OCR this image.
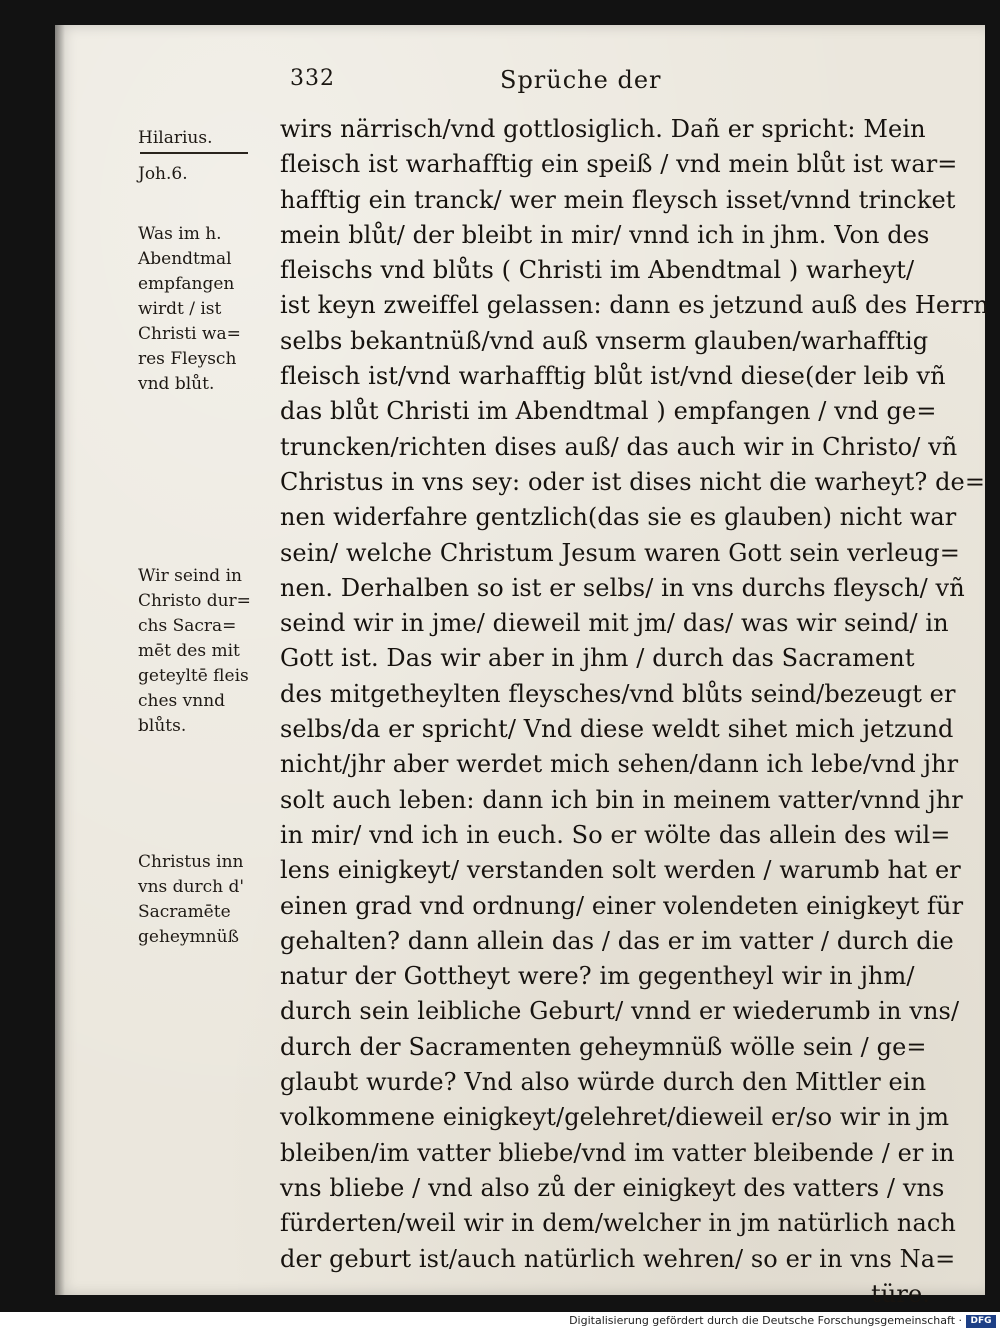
332	Sprüche der
Hilarius.
Joh.6.
Was im h.
Abendtmal
empfangen
wirdt / ist
Christi wa=
res Fleysch
vnd blůt.
Wir seind in
Christo dur=
chs Sacra=
mēt des mit
geteyltē fleis
ches vnnd
blůts.
Christus inn
vns durch d'
Sacramēte
geheymnüß
wirs närrisch/vnd gottlosiglich. Dañ er spricht: Mein
fleisch ist warhafftig ein speiß / vnd mein blůt ist war=
hafftig ein tranck/ wer mein fleysch isset/vnnd trincket
mein blůt/ der bleibt in mir/ vnnd ich in jhm. Von des
fleischs vnd blůts ( Christi im Abendtmal ) warheyt/
ist keyn zweiffel gelassen: dann es jetzund auß des Herrn
selbs bekantnüß/vnd auß vnserm glauben/warhafftig
fleisch ist/vnd warhafftig blůt ist/vnd diese(der leib vñ
das blůt Christi im Abendtmal ) empfangen / vnd ge=
truncken/richten dises auß/ das auch wir in Christo/ vñ
Christus in vns sey: oder ist dises nicht die warheyt? de=
nen widerfahre gentzlich(das sie es glauben) nicht war
sein/ welche Christum Jesum waren Gott sein verleug=
nen. Derhalben so ist er selbs/ in vns durchs fleysch/ vñ
seind wir in jme/ dieweil mit jm/ das/ was wir seind/ in
Gott ist. Das wir aber in jhm / durch das Sacrament
des mitgetheylten fleysches/vnd blůts seind/bezeugt er
selbs/da er spricht/ Vnd diese weldt sihet mich jetzund
nicht/jhr aber werdet mich sehen/dann ich lebe/vnd jhr
solt auch leben: dann ich bin in meinem vatter/vnnd jhr
in mir/ vnd ich in euch. So er wölte das allein des wil=
lens einigkeyt/ verstanden solt werden / warumb hat er
einen grad vnd ordnung/ einer volendeten einigkeyt für
gehalten? dann allein das / das er im vatter / durch die
natur der Gottheyt were? im gegentheyl wir in jhm/
durch sein leibliche Geburt/ vnnd er wiederumb in vns/
durch der Sacramenten geheymnüß wölle sein / ge=
glaubt wurde? Vnd also würde durch den Mittler ein
volkommene einigkeyt/gelehret/dieweil er/so wir in jm
bleiben/im vatter bliebe/vnd im vatter bleibende / er in
vns bliebe / vnd also zů der einigkeyt des vatters / vns
fürderten/weil wir in dem/welcher in jm natürlich nach
der geburt ist/auch natürlich wehren/ so er in vns Na=
türe.
Digitalisierung gefördert durch die Deutsche Forschungsgemeinschaft · DFG
